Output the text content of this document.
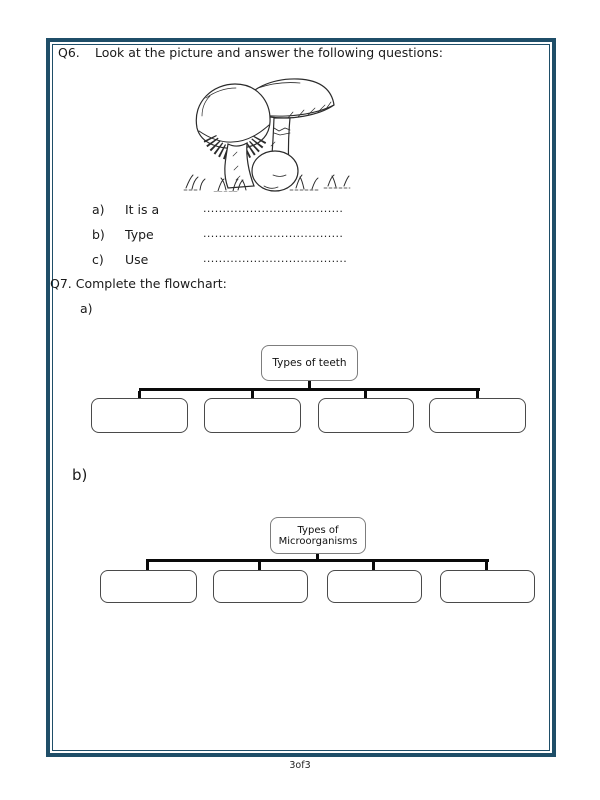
Q6. Look at the picture and answer the following questions:
a)	It is a	....................................
b)	Type	....................................
c)	Use	.....................................
Q7. Complete the flowchart:
a)
Types of teeth
b)
Types of
Microorganisms
3of3
